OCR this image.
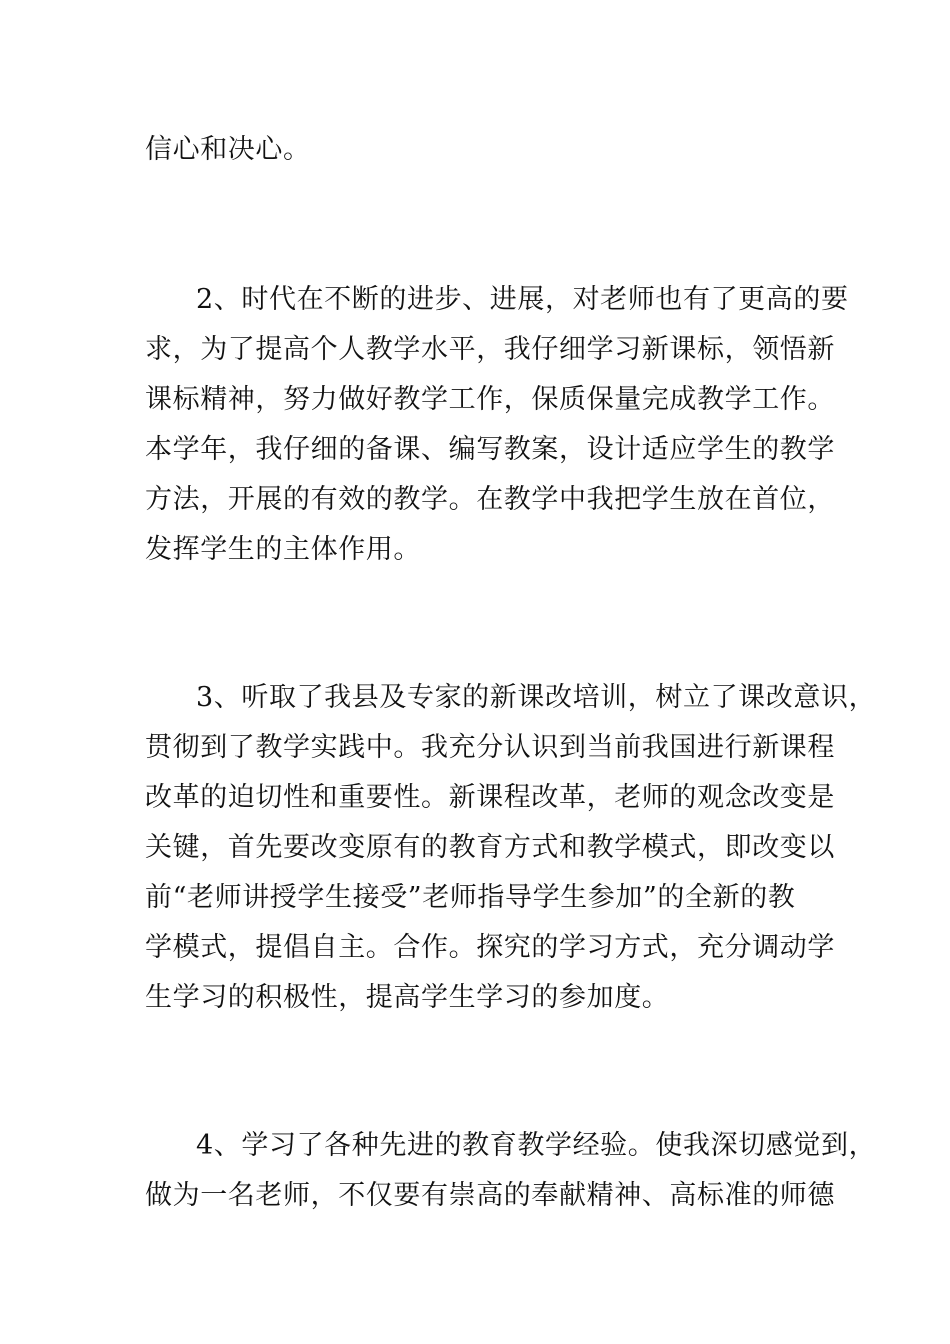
信心和决心。
2、时代在不断的进步、进展，对老师也有了更高的要
求，为了提高个人教学水平，我仔细学习新课标，领悟新
课标精神，努力做好教学工作，保质保量完成教学工作。
本学年，我仔细的备课、编写教案，设计适应学生的教学
方法，开展的有效的教学。在教学中我把学生放在首位，
发挥学生的主体作用。
3、听取了我县及专家的新课改培训，树立了课改意识，
贯彻到了教学实践中。我充分认识到当前我国进行新课程
改革的迫切性和重要性。新课程改革，老师的观念改变是
关键，首先要改变原有的教育方式和教学模式，即改变以
前“老师讲授学生接受”老师指导学生参加”的全新的教
学模式，提倡自主。合作。探究的学习方式，充分调动学
生学习的积极性，提高学生学习的参加度。
4、学习了各种先进的教育教学经验。使我深切感觉到，
做为一名老师，不仅要有崇高的奉献精神、高标准的师德
